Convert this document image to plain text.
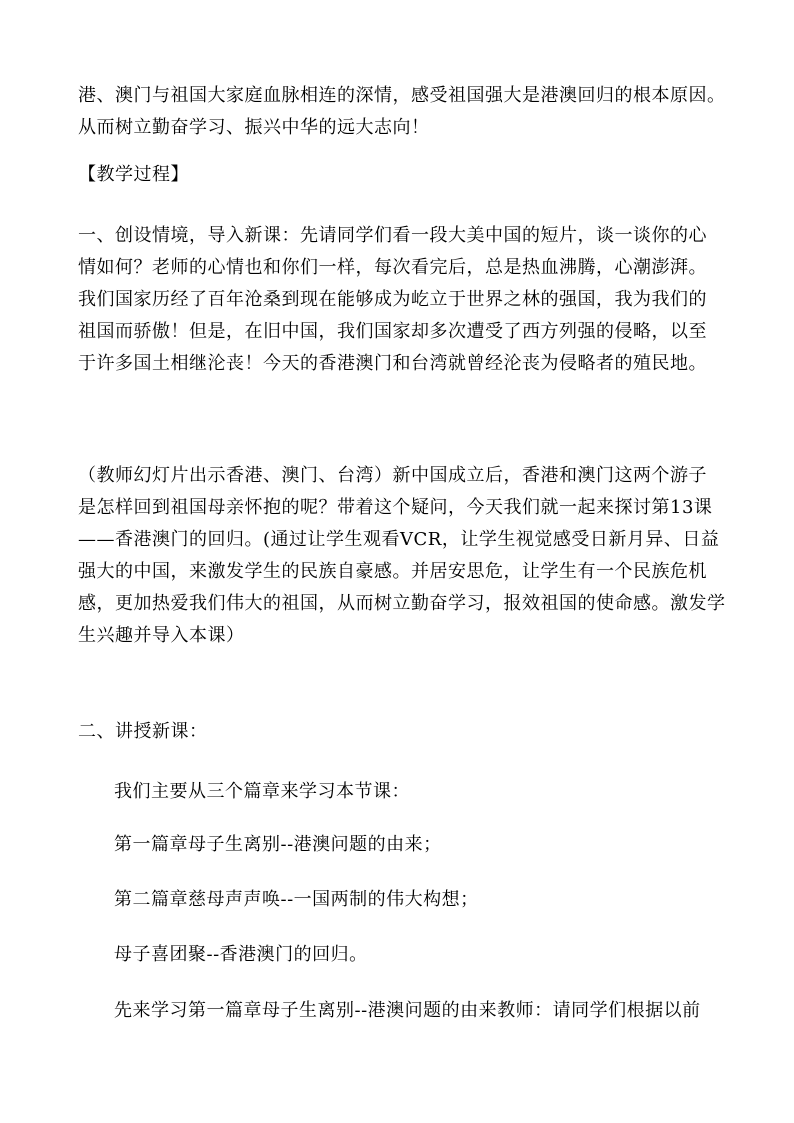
港、澳门与祖国大家庭血脉相连的深情，感受祖国强大是港澳回归的根本原因。
从而树立勤奋学习、振兴中华的远大志向！
【教学过程】
一、创设情境，导入新课：先请同学们看一段大美中国的短片，谈一谈你的心
情如何？老师的心情也和你们一样，每次看完后，总是热血沸腾，心潮澎湃。
我们国家历经了百年沧桑到现在能够成为屹立于世界之林的强国，我为我们的
祖国而骄傲！但是，在旧中国，我们国家却多次遭受了西方列强的侵略，以至
于许多国土相继沦丧！今天的香港澳门和台湾就曾经沦丧为侵略者的殖民地。
（教师幻灯片出示香港、澳门、台湾）新中国成立后，香港和澳门这两个游子
是怎样回到祖国母亲怀抱的呢？带着这个疑问，今天我们就一起来探讨第13课
——香港澳门的回归。(通过让学生观看VCR，让学生视觉感受日新月异、日益
强大的中国，来激发学生的民族自豪感。并居安思危，让学生有一个民族危机
感，更加热爱我们伟大的祖国，从而树立勤奋学习，报效祖国的使命感。激发学
生兴趣并导入本课）
二、讲授新课：
我们主要从三个篇章来学习本节课：
第一篇章母子生离别--港澳问题的由来；
第二篇章慈母声声唤--一国两制的伟大构想；
母子喜团聚--香港澳门的回归。
先来学习第一篇章母子生离别--港澳问题的由来教师：请同学们根据以前
